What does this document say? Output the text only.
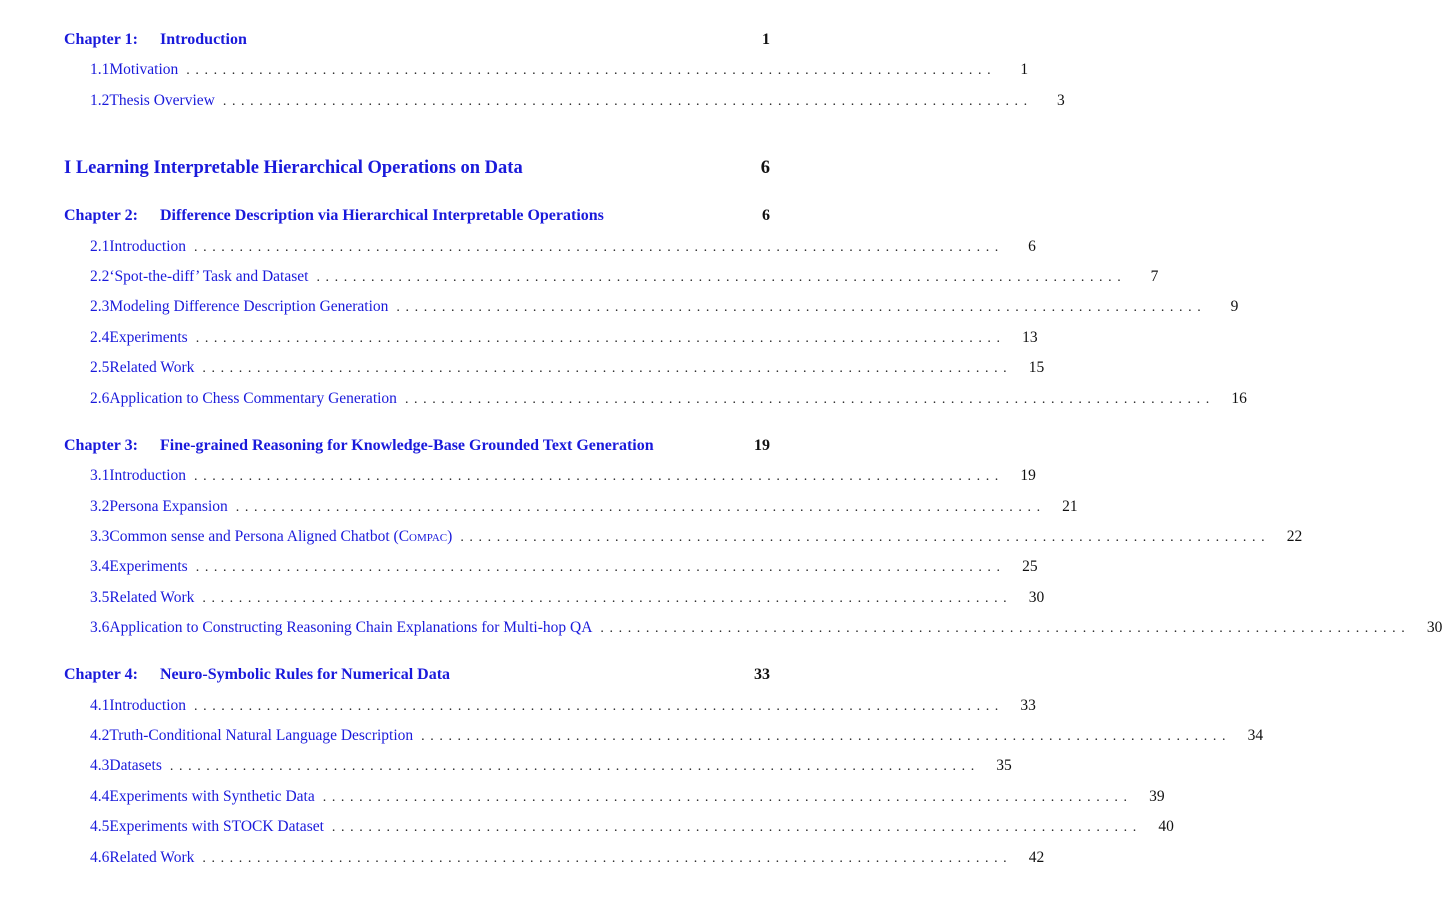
Chapter 1:	Introduction	1
1.1 Motivation .........................................................................................	1
1.2 Thesis Overview .........................................................................................	3
I Learning Interpretable Hierarchical Operations on Data	6
Chapter 2:	Difference Description via Hierarchical Interpretable Operations	6
2.1 Introduction .........................................................................................	6
2.2 ‘Spot-the-diff’ Task and Dataset .........................................................................................	7
2.3 Modeling Difference Description Generation .........................................................................................	9
2.4 Experiments .........................................................................................	13
2.5 Related Work .........................................................................................	15
2.6 Application to Chess Commentary Generation .........................................................................................	16
Chapter 3:	Fine-grained Reasoning for Knowledge-Base Grounded Text Generation	19
3.1 Introduction .........................................................................................	19
3.2 Persona Expansion .........................................................................................	21
3.3 Common sense and Persona Aligned Chatbot (Compac) .........................................................................................	22
3.4 Experiments .........................................................................................	25
3.5 Related Work .........................................................................................	30
3.6 Application to Constructing Reasoning Chain Explanations for Multi-hop QA .........................................................................................	30
Chapter 4:	Neuro-Symbolic Rules for Numerical Data	33
4.1 Introduction .........................................................................................	33
4.2 Truth-Conditional Natural Language Description .........................................................................................	34
4.3 Datasets .........................................................................................	35
4.4 Experiments with Synthetic Data .........................................................................................	39
4.5 Experiments with STOCK Dataset .........................................................................................	40
4.6 Related Work .........................................................................................	42
